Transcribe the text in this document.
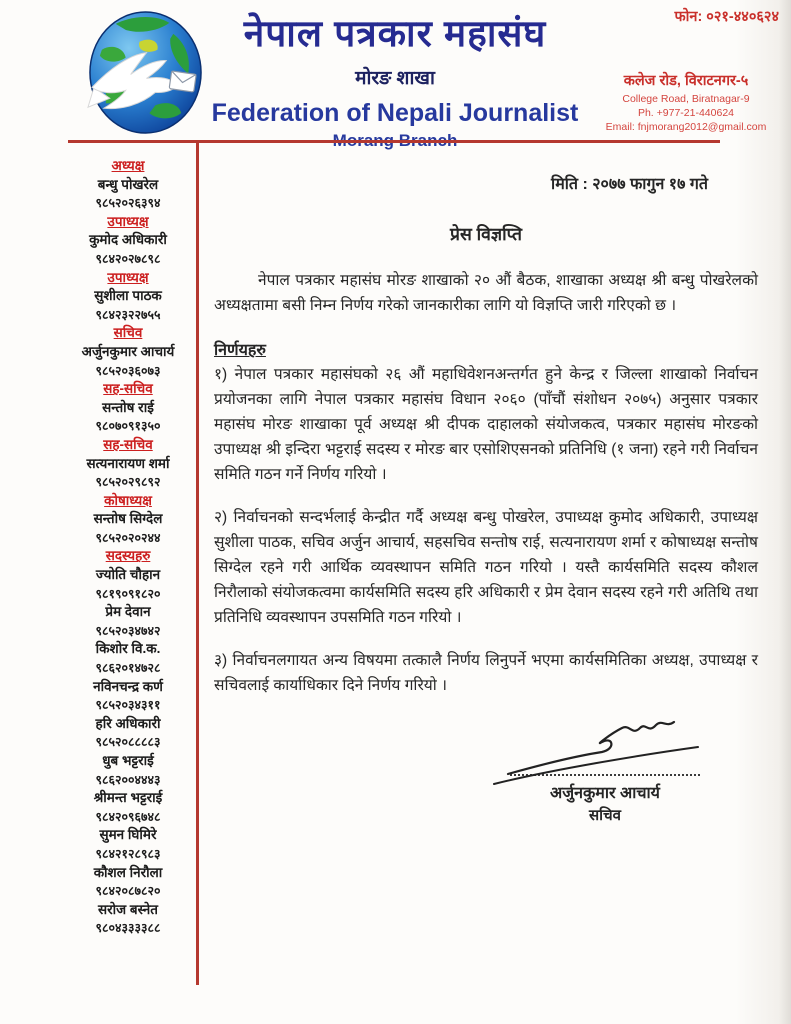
नेपाल पत्रकार महासंघ
मोरङ शाखा
Federation of Nepali Journalist
फोन: ०२१-४४०६२४
कलेज रोड, विराटनगर-५
College Road, Biratnagar-9
Ph. +977-21-440624
Email: fnjmorang2012@gmail.com
अध्यक्ष
बन्धु पोखरेल
९८५२०२६३९४
उपाध्यक्ष
कुमोद अधिकारी
९८४२०२७८९८
उपाध्यक्ष
सुशीला पाठक
९८४२३२२७५५
सचिव
अर्जुनकुमार आचार्य
९८५२०३६०७३
सह-सचिव
सन्तोष राई
९८०७०९१३५०
सह-सचिव
सत्यनारायण शर्मा
९८५२०२९८९२
कोषाध्यक्ष
सन्तोष सिग्देल
९८५२०२०२४४
सदस्यहरु
ज्योति चौहान
९८१९०९१८२०
प्रेम देवान
९८५२०३४७४२
किशोर वि.क.
९८६२०१४७२८
नविनचन्द्र कर्ण
९८५२०३४३११
हरि अधिकारी
९८५२०८८८८३
धुब भट्टराई
९८६२००४४४३
श्रीमन्त भट्टराई
९८४२०९६७४८
सुमन घिमिरे
९८४२१२८९८३
कौशल निरौला
९८४२०८७८२०
सरोज बस्नेत
९८०४३३३३८८
मिति : २०७७ फागुन १७ गते
प्रेस विज्ञप्ति

नेपाल पत्रकार महासंघ मोरङ शाखाको २० औं बैठक, शाखाका अध्यक्ष श्री बन्धु पोखरेलको अध्यक्षतामा बसी निम्न निर्णय गरेको जानकारीका लागि यो विज्ञप्ति जारी गरिएको छ ।

निर्णयहरु

१) नेपाल पत्रकार महासंघको २६ औं महाधिवेशनअन्तर्गत हुने केन्द्र र जिल्ला शाखाको निर्वाचन प्रयोजनका लागि नेपाल पत्रकार महासंघ विधान २०६० (पाँचौं संशोधन २०७५) अनुसार पत्रकार महासंघ मोरङ शाखाका पूर्व अध्यक्ष श्री दीपक दाहालको संयोजकत्व, पत्रकार महासंघ मोरङको उपाध्यक्ष श्री इन्दिरा भट्टराई सदस्य र मोरङ बार एसोशिएसनको प्रतिनिधि (१ जना) रहने गरी निर्वाचन समिति गठन गर्ने निर्णय गरियो ।

२) निर्वाचनको सन्दर्भलाई केन्द्रीत गर्दै अध्यक्ष बन्धु पोखरेल, उपाध्यक्ष कुमोद अधिकारी, उपाध्यक्ष सुशीला पाठक, सचिव अर्जुन आचार्य, सहसचिव सन्तोष राई, सत्यनारायण शर्मा र कोषाध्यक्ष सन्तोष सिग्देल रहने गरी आर्थिक व्यवस्थापन समिति गठन गरियो । यस्तै कार्यसमिति सदस्य कौशल निरौलाको संयोजकत्वमा कार्यसमिति सदस्य हरि अधिकारी र प्रेम देवान सदस्य रहने गरी अतिथि तथा प्रतिनिधि व्यवस्थापन उपसमिति गठन गरियो ।

३) निर्वाचनलगायत अन्य विषयमा तत्कालै निर्णय लिनुपर्ने भएमा कार्यसमितिका अध्यक्ष, उपाध्यक्ष र सचिवलाई कार्याधिकार दिने निर्णय गरियो ।

अर्जुनकुमार आचार्य
सचिव
